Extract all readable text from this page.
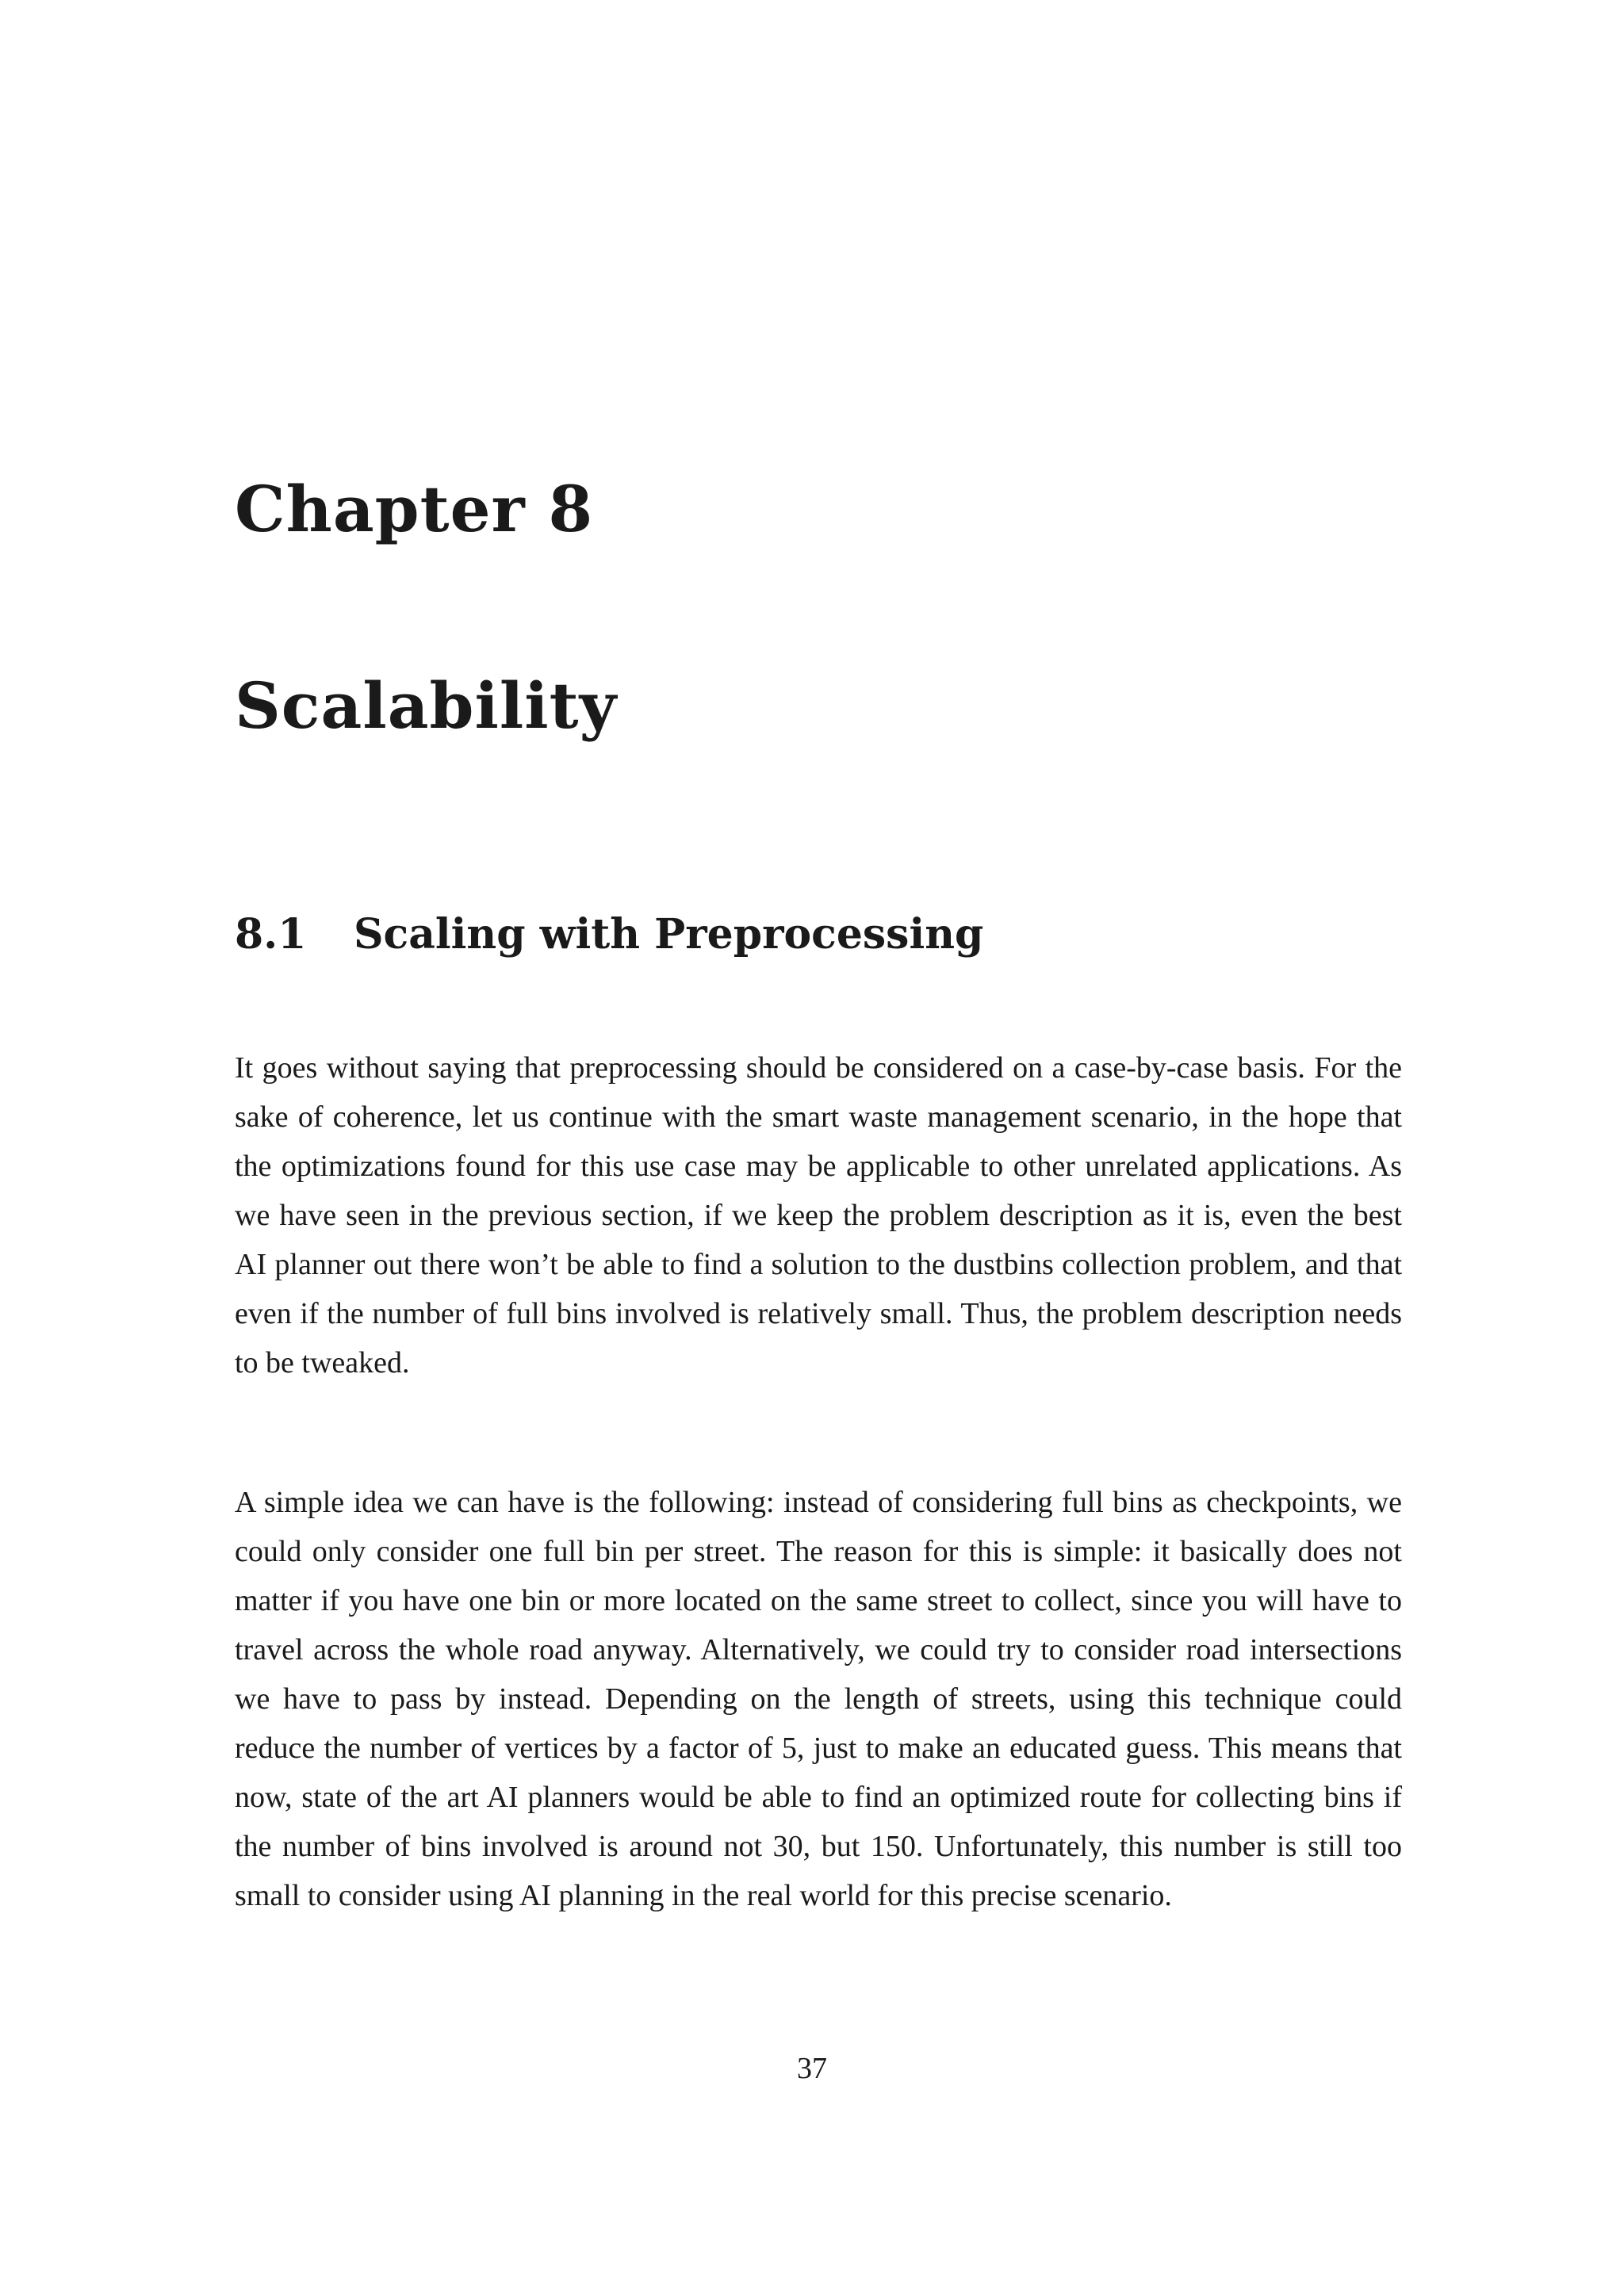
Chapter 8
Scalability
8.1 Scaling with Preprocessing

It goes without saying that preprocessing should be considered on a case-by-case basis. For the sake of coherence, let us continue with the smart waste management scenario, in the hope that the optimizations found for this use case may be applicable to other unrelated applications. As we have seen in the previous section, if we keep the problem description as it is, even the best AI planner out there won’t be able to find a solution to the dustbins collection problem, and that even if the number of full bins involved is relatively small. Thus, the problem description needs to be tweaked.

A simple idea we can have is the following: instead of considering full bins as checkpoints, we could only consider one full bin per street. The reason for this is simple: it basically does not matter if you have one bin or more located on the same street to collect, since you will have to travel across the whole road anyway. Alternatively, we could try to consider road intersections we have to pass by instead. Depending on the length of streets, using this technique could reduce the number of vertices by a factor of 5, just to make an educated guess. This means that now, state of the art AI planners would be able to find an optimized route for collecting bins if the number of bins involved is around not 30, but 150. Unfortunately, this number is still too small to consider using AI planning in the real world for this precise scenario.

37
